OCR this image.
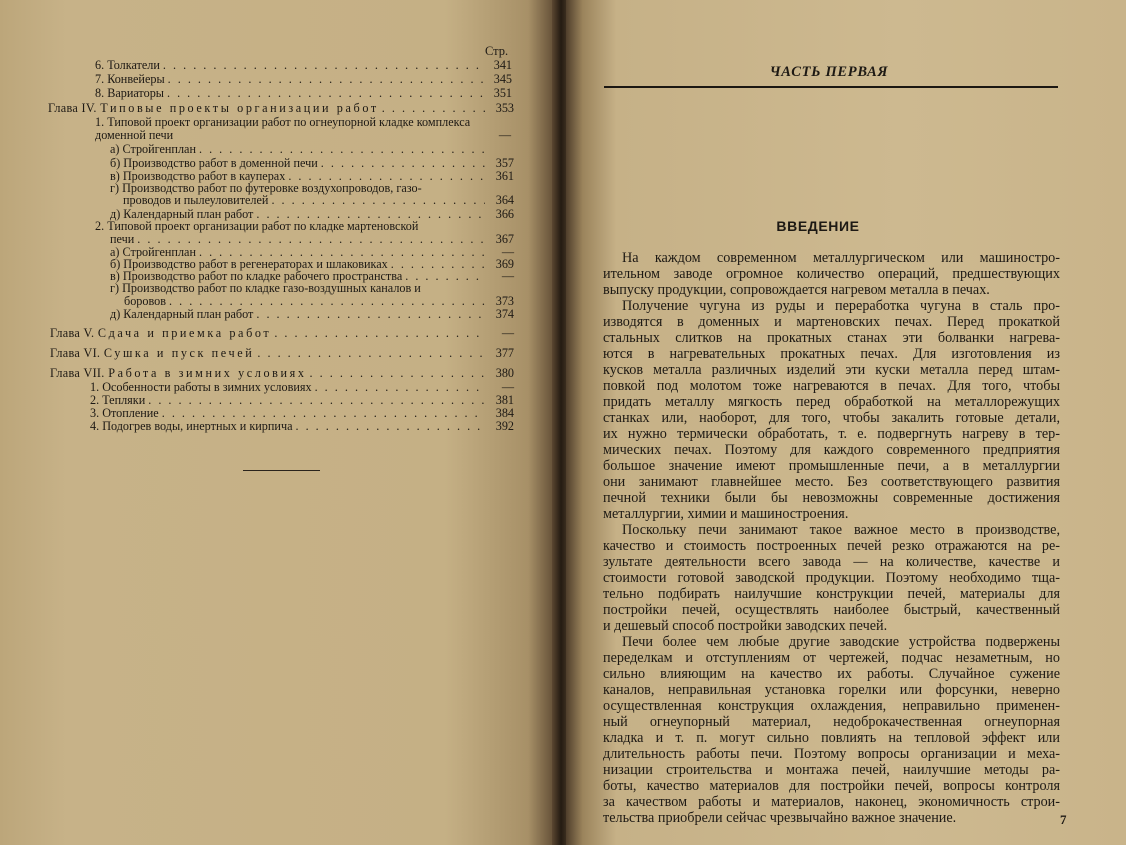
Стр.
6. Толкатели . . .	341
7. Конвейеры . . .	345
8. Вариаторы . . .	351
Глава IV. Типовые проекты организации работ . . .	353
1. Типовой проект организации работ по огнеупорной кладке комплекса доменной печи	—
а) Стройгенплан
. . .
б) Производство работ в доменной печи . . .	357
в) Производство работ в кауперах . . .	361
г) Производство работ по футеровке воздухопроводов, газо-
проводов и пылеуловителей . . .	364
д) Календарный план работ . . .	366
2. Типовой проект организации работ по кладке мартеновской
печи . . .	367
а) Стройгенплан . . .	—
б) Производство работ в регенераторах и шлаковиках . . .	369
в) Производство работ по кладке рабочего пространства . . .	—
г) Производство работ по кладке газо-воздушных каналов и
боровов . . .	373
д) Календарный план работ . . .	374
Глава V. Сдача и приемка работ . . .	—
Глава VI. Сушка и пуск печей . . .	377
Глава VII. Работа в зимних условиях . . .	380
1. Особенности работы в зимних условиях . . .	—
2. Тепляки . . .	381
3. Отопление . . .	384
4. Подогрев воды, инертных и кирпича . . .	392
ЧАСТЬ ПЕРВАЯ
ВВЕДЕНИЕ
На каждом современном металлургическом или машиностро-
ительном заводе огромное количество операций, предшествующих
выпуску продукции, сопровождается нагревом металла в печах.
Получение чугуна из руды и переработка чугуна в сталь про-
изводятся в доменных и мартеновских печах. Перед прокаткой
стальных слитков на прокатных станах эти болванки нагрева-
ются в нагревательных прокатных печах. Для изготовления из
кусков металла различных изделий эти куски металла перед штам-
повкой под молотом тоже нагреваются в печах. Для того, чтобы
придать металлу мягкость перед обработкой на металлорежущих
станках или, наоборот, для того, чтобы закалить готовые детали,
их нужно термически обработать, т. е. подвергнуть нагреву в тер-
мических печах. Поэтому для каждого современного предприятия
большое значение имеют промышленные печи, а в металлургии
они занимают главнейшее место. Без соответствующего развития
печной техники были бы невозможны современные достижения
металлургии, химии и машиностроения.
Поскольку печи занимают такое важное место в производстве,
качество и стоимость построенных печей резко отражаются на ре-
зультате деятельности всего завода — на количестве, качестве и
стоимости готовой заводской продукции. Поэтому необходимо тща-
тельно подбирать наилучшие конструкции печей, материалы для
постройки печей, осуществлять наиболее быстрый, качественный
и дешевый способ постройки заводских печей.
Печи более чем любые другие заводские устройства подвержены
переделкам и отступлениям от чертежей, подчас незаметным, но
сильно влияющим на качество их работы. Случайное сужение
каналов, неправильная установка горелки или форсунки, неверно
осуществленная конструкция охлаждения, неправильно применен-
ный огнеупорный материал, недоброкачественная огнеупорная
кладка и т. п. могут сильно повлиять на тепловой эффект или
длительность работы печи. Поэтому вопросы организации и меха-
низации строительства и монтажа печей, наилучшие методы ра-
боты, качество материалов для постройки печей, вопросы контроля
за качеством работы и материалов, наконец, экономичность строи-
тельства приобрели сейчас чрезвычайно важное значение.	7
